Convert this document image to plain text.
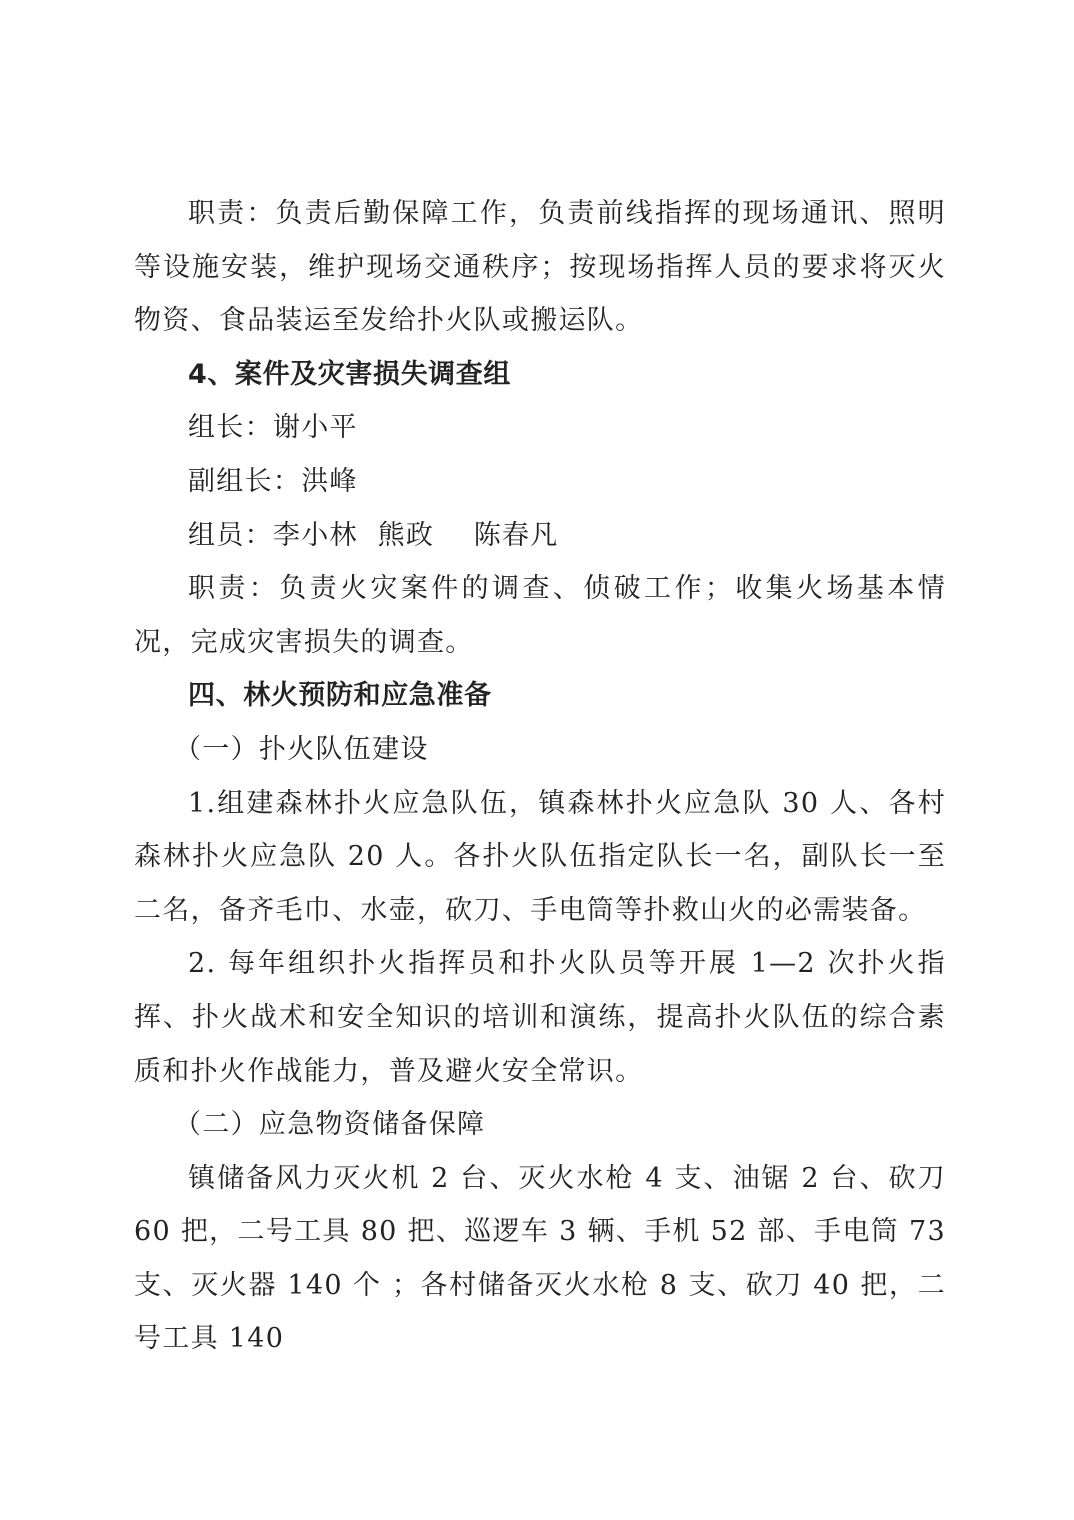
职责：负责后勤保障工作，负责前线指挥的现场通讯、照明等设施安装，维护现场交通秩序；按现场指挥人员的要求将灭火物资、食品装运至发给扑火队或搬运队。

4、案件及灾害损失调查组

组长：谢小平

副组长：洪峰

组员：李小林  熊政    陈春凡

职责：负责火灾案件的调查、侦破工作；收集火场基本情况，完成灾害损失的调查。

四、林火预防和应急准备

（一）扑火队伍建设

1.组建森林扑火应急队伍，镇森林扑火应急队 30 人、各村森林扑火应急队 20 人。各扑火队伍指定队长一名，副队长一至二名，备齐毛巾、水壶，砍刀、手电筒等扑救山火的必需装备。

2. 每年组织扑火指挥员和扑火队员等开展 1—2 次扑火指挥、扑火战术和安全知识的培训和演练，提高扑火队伍的综合素质和扑火作战能力，普及避火安全常识。

（二）应急物资储备保障

镇储备风力灭火机 2 台、灭火水枪 4 支、油锯 2 台、砍刀 60 把，二号工具 80 把、巡逻车 3 辆、手机 52 部、手电筒 73 支、灭火器 140 个 ；各村储备灭火水枪 8 支、砍刀 40 把，二号工具 140
